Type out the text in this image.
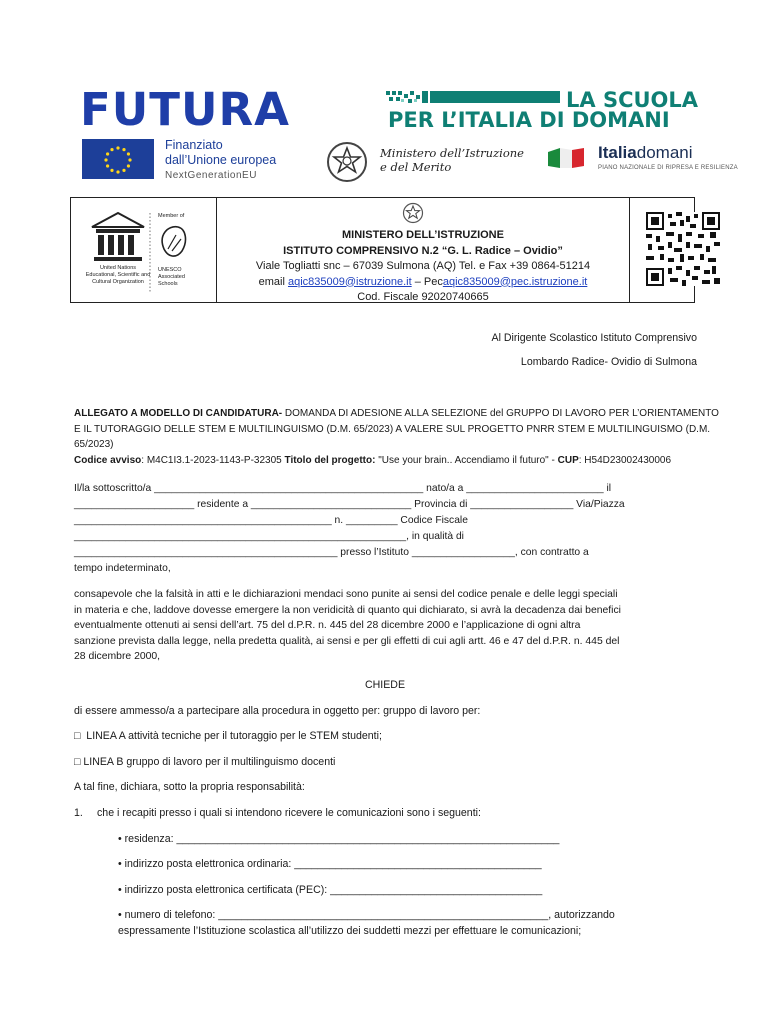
FUTURA	LA SCUOLA
PER L’ITALIA DI DOMANI
Finanziato
dall’Unione europea
NextGenerationEU
Ministero dell’Istruzione
e del Merito
Italiadomani
PIANO NAZIONALE DI RIPRESA E RESILIENZA
United Nations
Educational, Scientific and
Cultural Organization
Member of
UNESCO
Associated
Schools
MINISTERO DELL’ISTRUZIONE
ISTITUTO COMPRENSIVO N.2 “G. L. Radice – Ovidio”
Viale Togliatti snc – 67039 Sulmona (AQ) Tel. e Fax +39 0864-51214
email aqic835009@istruzione.it – Pecaqic835009@pec.istruzione.it
Cod. Fiscale 92020740665
Al Dirigente Scolastico Istituto Comprensivo
Lombardo Radice- Ovidio di Sulmona
ALLEGATO A MODELLO DI CANDIDATURA- DOMANDA DI ADESIONE ALLA SELEZIONE del GRUPPO DI LAVORO PER L’ORIENTAMENTO
E IL TUTORAGGIO DELLE STEM E MULTILINGUISMO (D.M. 65/2023) A VALERE SUL PROGETTO PNRR STEM E MULTILINGUISMO (D.M.
65/2023)
Codice avviso: M4C1I3.1-2023-1143-P-32305 Titolo del progetto: "Use your brain.. Accendiamo il futuro" - CUP: H54D23002430006
Il/la sottoscritto/a _______________________________________________ nato/a a ________________________ il
_____________________ residente a ____________________________ Provincia di __________________ Via/Piazza
_____________________________________________ n. _________ Codice Fiscale
__________________________________________________________, in qualità di
______________________________________________ presso l’Istituto __________________, con contratto a
tempo indeterminato,
consapevole che la falsità in atti e le dichiarazioni mendaci sono punite ai sensi del codice penale e delle leggi speciali
in materia e che, laddove dovesse emergere la non veridicità di quanto qui dichiarato, si avrà la decadenza dai benefici
eventualmente ottenuti ai sensi dell’art. 75 del d.P.R. n. 445 del 28 dicembre 2000 e l’applicazione di ogni altra
sanzione prevista dalla legge, nella predetta qualità, ai sensi e per gli effetti di cui agli artt. 46 e 47 del d.P.R. n. 445 del
28 dicembre 2000,
CHIEDE
di essere ammesso/a a partecipare alla procedura in oggetto per: gruppo di lavoro per:
□ LINEA A attività tecniche per il tutoraggio per le STEM studenti;
□ LINEA B gruppo di lavoro per il multilinguismo docenti
A tal fine, dichiara, sotto la propria responsabilità:
1. che i recapiti presso i quali si intendono ricevere le comunicazioni sono i seguenti:
• residenza: _________________________________________________________________
• indirizzo posta elettronica ordinaria: __________________________________________
• indirizzo posta elettronica certificata (PEC): ____________________________________
• numero di telefono: ________________________________________________________, autorizzando
espressamente l’Istituzione scolastica all’utilizzo dei suddetti mezzi per effettuare le comunicazioni;
